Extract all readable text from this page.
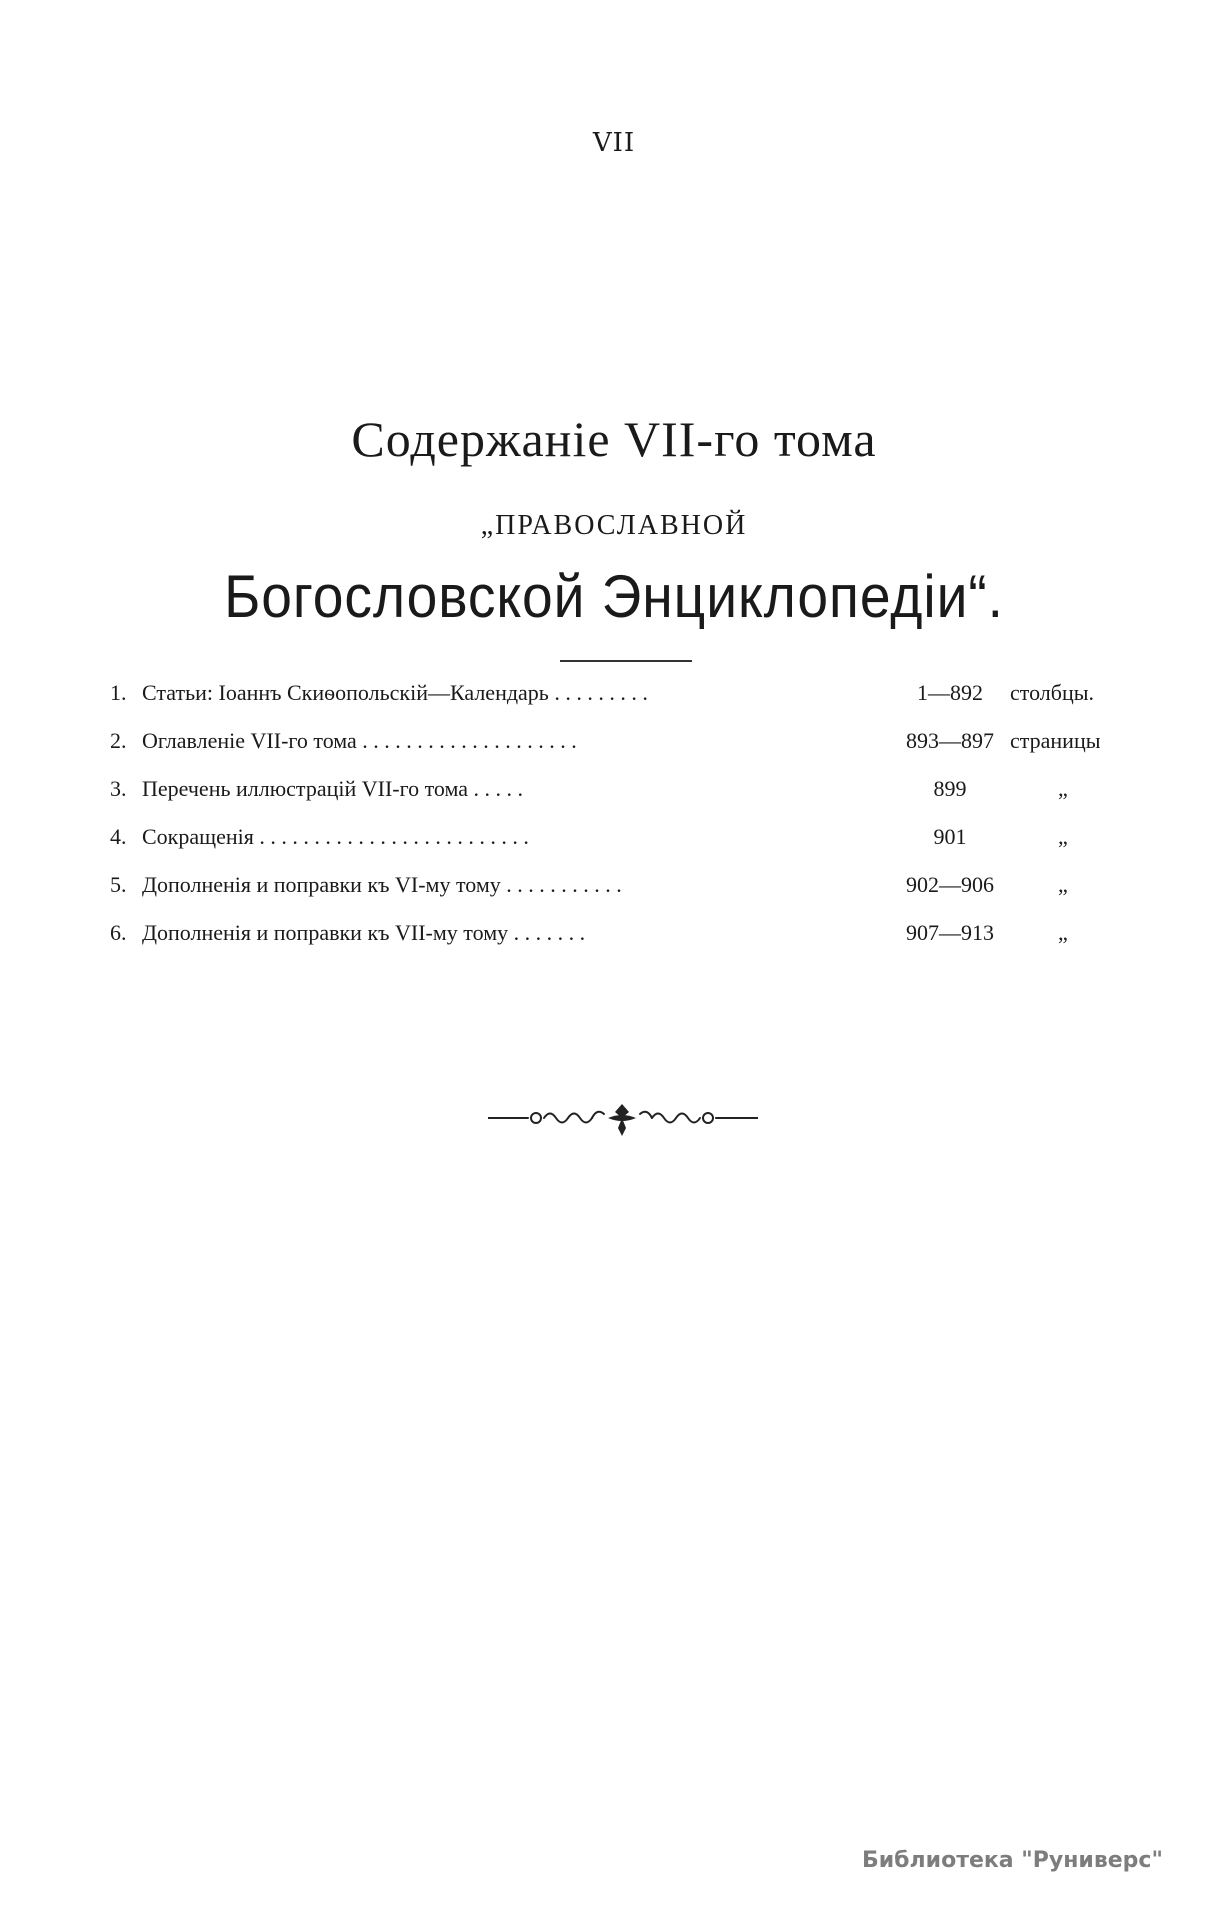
VII
Содержаніе VII-го тома
„ПРАВОСЛАВНОЙ
Богословской Энциклопедіи“.
1. Статьи: Іоаннъ Скиѳопольскій—Календарь . . . . . . . . .	1—892	столбцы.
2. Оглавленіе VII-го тома . . . . . . . . . . . . . . . . . . . .	893—897 страницы
3. Перечень иллюстрацій VII-го тома . . . . .	899	„
4. Сокращенія . . . . . . . . . . . . . . . . . . . . . . . . .	901	„
5. Дополненія и поправки къ VI-му тому . . . . . . . . . . .	902—906	„
6. Дополненія и поправки къ VII-му тому . . . . . . .	907—913	„
Библиотека "Руниверс"
